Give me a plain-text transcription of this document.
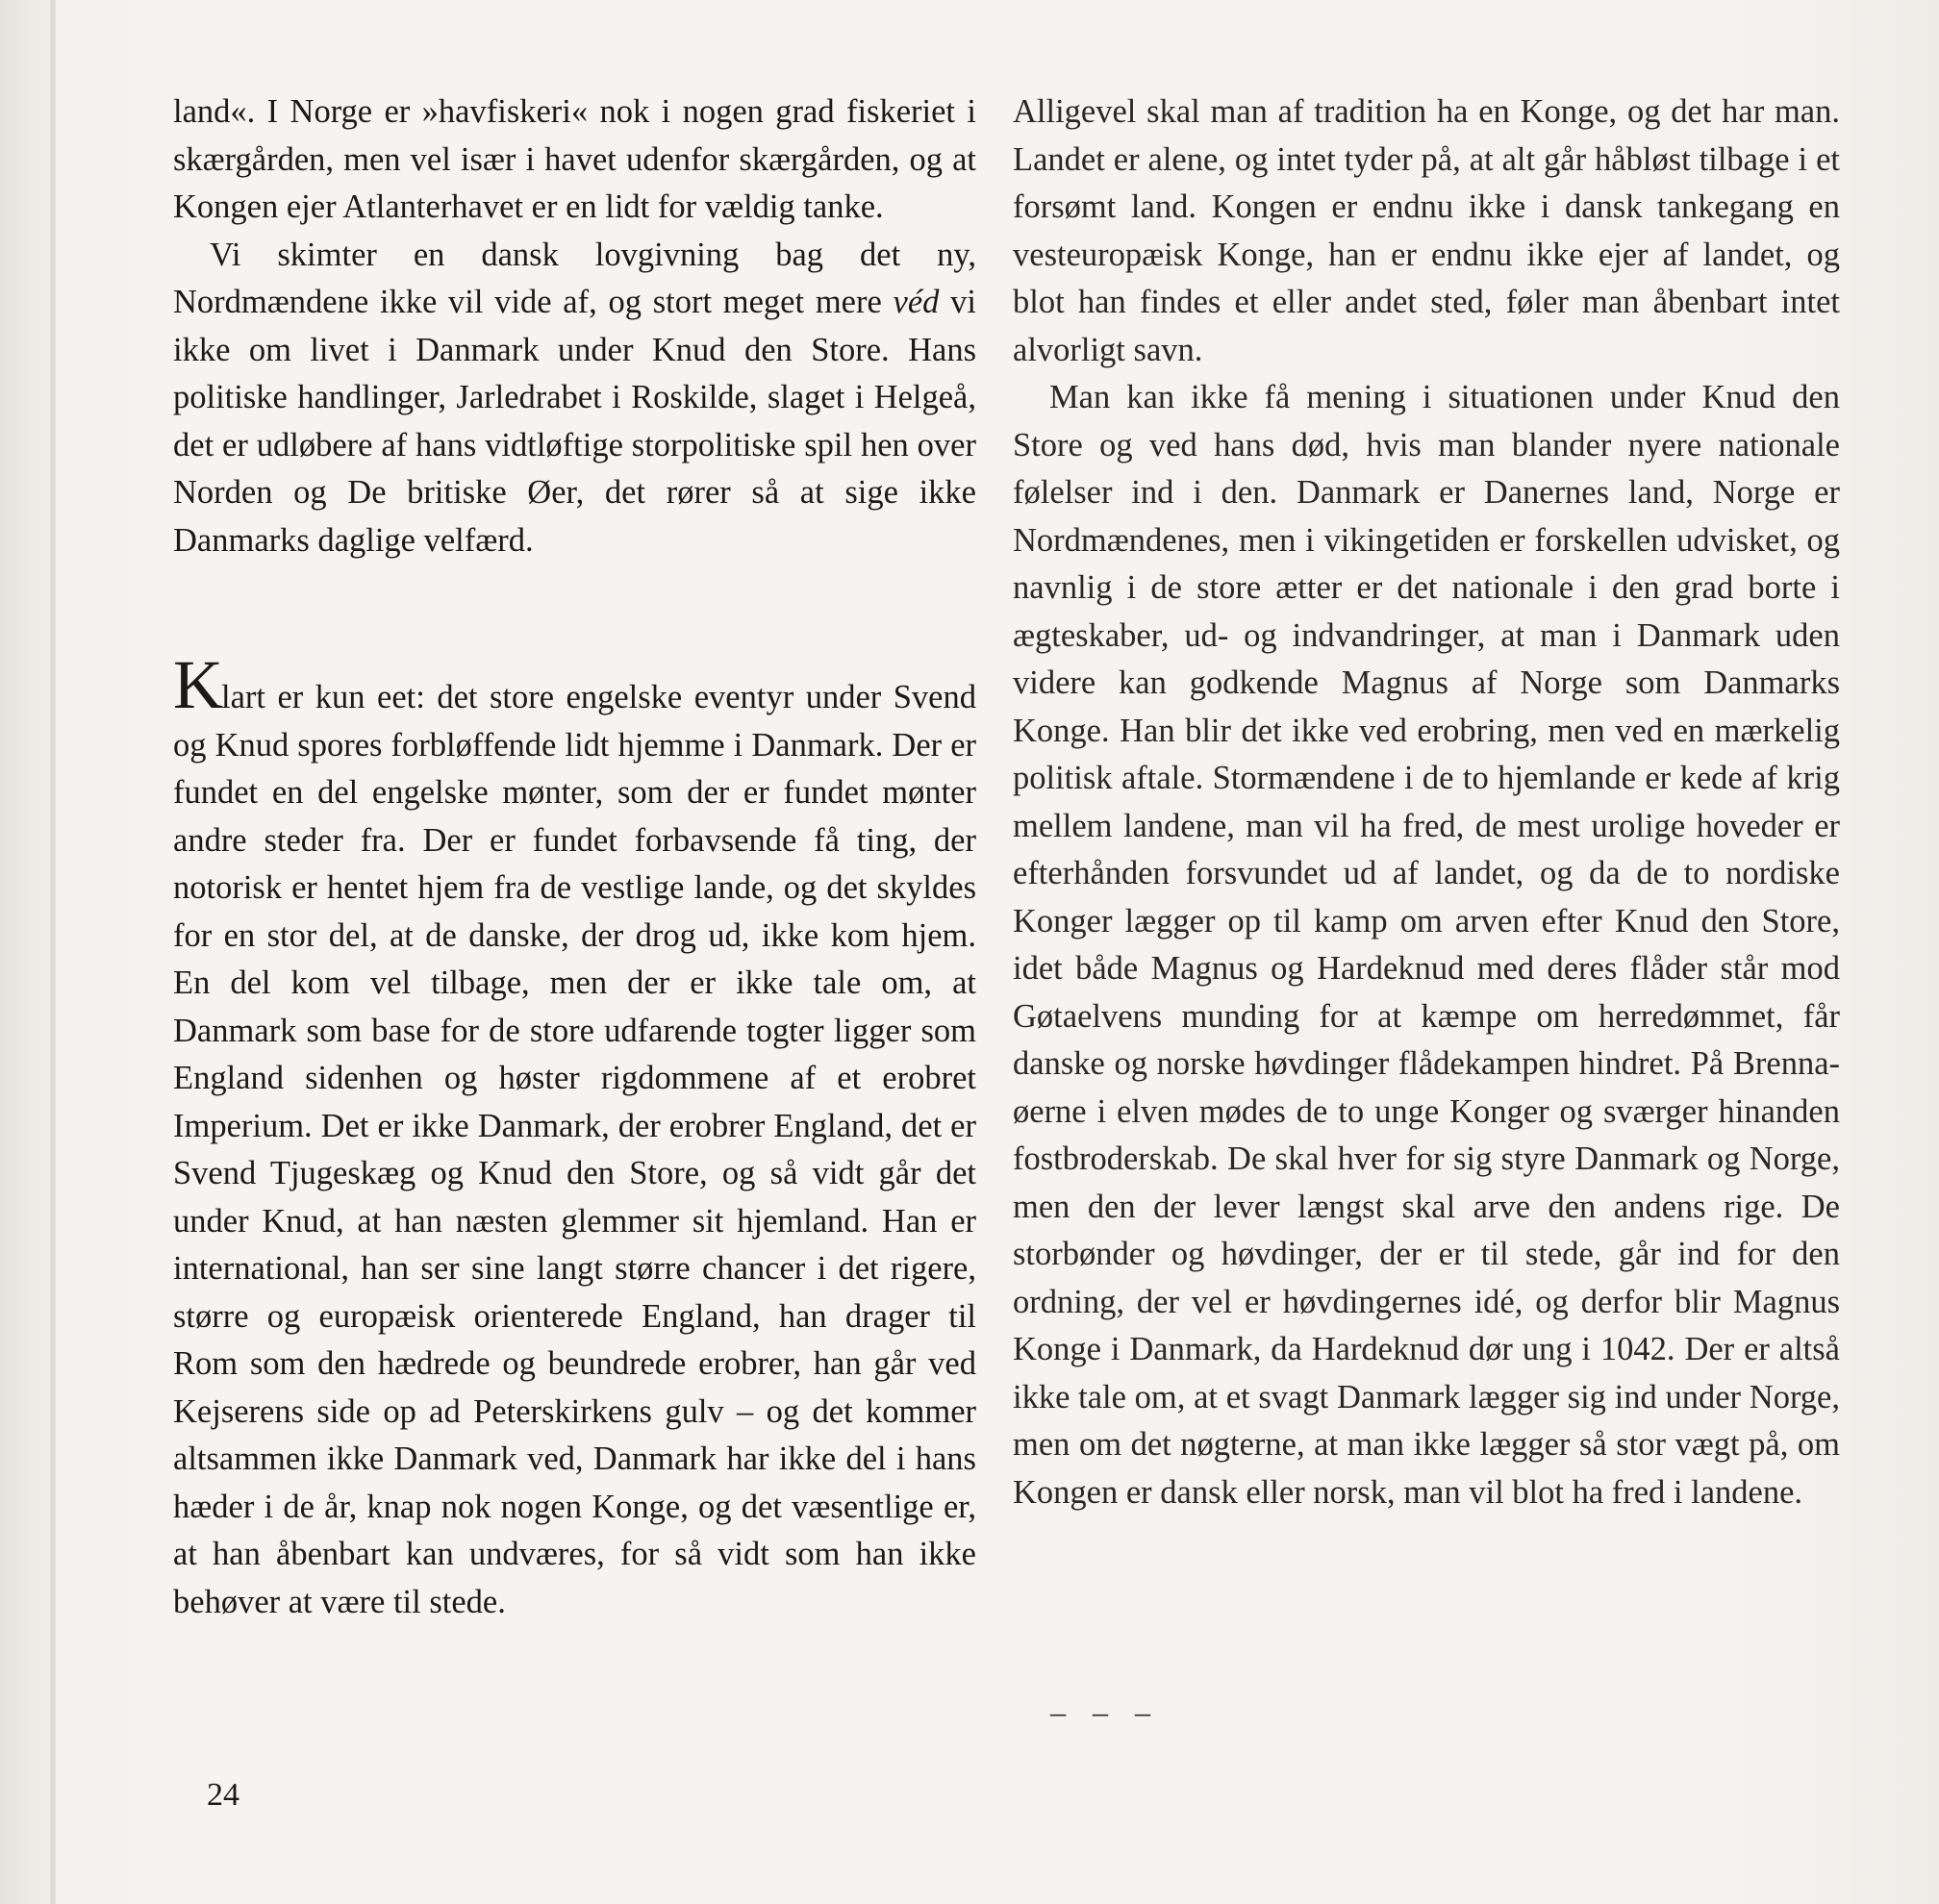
land«. I Norge er »havfiskeri« nok i nogen grad fiskeriet i skærgården, men vel især i havet udenfor skærgården, og at Kongen ejer Atlanterhavet er en lidt for vældig tanke.

Vi skimter en dansk lovgivning bag det ny, Nordmændene ikke vil vide af, og stort meget mere véd vi ikke om livet i Danmark under Knud den Store. Hans politiske handlinger, Jarledrabet i Roskilde, slaget i Helgeå, det er udløbere af hans vidtløftige storpolitiske spil hen over Norden og De britiske Øer, det rører så at sige ikke Danmarks daglige velfærd.

Klart er kun eet: det store engelske eventyr under Svend og Knud spores forbløffende lidt hjemme i Danmark. Der er fundet en del engelske mønter, som der er fundet mønter andre steder fra. Der er fundet forbavsende få ting, der notorisk er hentet hjem fra de vestlige lande, og det skyldes for en stor del, at de danske, der drog ud, ikke kom hjem. En del kom vel tilbage, men der er ikke tale om, at Danmark som base for de store udfarende togter ligger som England sidenhen og høster rigdommene af et erobret Imperium. Det er ikke Danmark, der erobrer England, det er Svend Tjugeskæg og Knud den Store, og så vidt går det under Knud, at han næsten glemmer sit hjemland. Han er international, han ser sine langt større chancer i det rigere, større og europæisk orienterede England, han drager til Rom som den hædrede og beundrede erobrer, han går ved Kejserens side op ad Peterskirkens gulv – og det kommer altsammen ikke Danmark ved, Danmark har ikke del i hans hæder i de år, knap nok nogen Konge, og det væsentlige er, at han åbenbart kan undværes, for så vidt som han ikke behøver at være til stede.

Alligevel skal man af tradition ha en Konge, og det har man. Landet er alene, og intet tyder på, at alt går håbløst tilbage i et forsømt land. Kongen er endnu ikke i dansk tankegang en vesteuropæisk Konge, han er endnu ikke ejer af landet, og blot han findes et eller andet sted, føler man åbenbart intet alvorligt savn.

Man kan ikke få mening i situationen under Knud den Store og ved hans død, hvis man blander nyere nationale følelser ind i den. Danmark er Danernes land, Norge er Nordmændenes, men i vikingetiden er forskellen udvisket, og navnlig i de store ætter er det nationale i den grad borte i ægteskaber, ud- og indvandringer, at man i Danmark uden videre kan godkende Magnus af Norge som Danmarks Konge. Han blir det ikke ved erobring, men ved en mærkelig politisk aftale. Stormændene i de to hjemlande er kede af krig mellem landene, man vil ha fred, de mest urolige hoveder er efterhånden forsvundet ud af landet, og da de to nordiske Konger lægger op til kamp om arven efter Knud den Store, idet både Magnus og Hardeknud med deres flåder står mod Gøtaelvens munding for at kæmpe om herredømmet, får danske og norske høvdinger flådekampen hindret. På Brenna-øerne i elven mødes de to unge Konger og sværger hinanden fostbroderskab. De skal hver for sig styre Danmark og Norge, men den der lever længst skal arve den andens rige. De storbønder og høvdinger, der er til stede, går ind for den ordning, der vel er høvdingernes idé, og derfor blir Magnus Konge i Danmark, da Hardeknud dør ung i 1042. Der er altså ikke tale om, at et svagt Danmark lægger sig ind under Norge, men om det nøgterne, at man ikke lægger så stor vægt på, om Kongen er dansk eller norsk, man vil blot ha fred i landene.

– – –
24
